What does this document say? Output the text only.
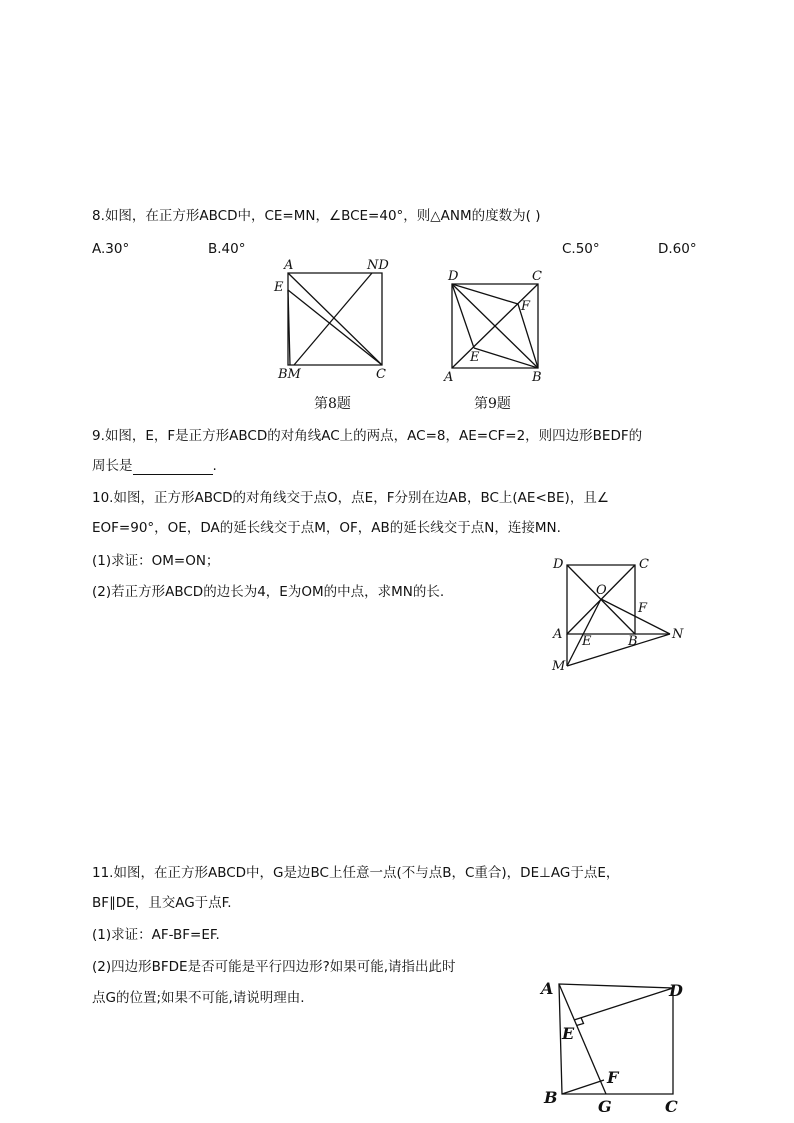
8.如图，在正方形ABCD中，CE=MN，∠BCE=40°，则△ANM的度数为( )
A.30°	B.40°	C.50°	D.60°
A	ND
E
BM	C
D	C
F
E
A	B
第8题	第9题
9.如图，E，F是正方形ABCD的对角线AC上的两点，AC=8，AE=CF=2，则四边形BEDF的
周长是	.
10.如图，正方形ABCD的对角线交于点O，点E，F分别在边AB，BC上(AE<BE)，且∠
EOF=90°，OE，DA的延长线交于点M，OF，AB的延长线交于点N，连接MN.
(1)求证：OM=ON；
(2)若正方形ABCD的边长为4，E为OM的中点，求MN的长.
D	C
O
F
A E	B	N
M
11.如图，在正方形ABCD中，G是边BC上任意一点(不与点B，C重合)，DE⊥AG于点E，
BF∥DE，且交AG于点F.
(1)求证：AF-BF=EF.
(2)四边形BFDE是否可能是平行四边形?如果可能,请指出此时
点G的位置;如果不可能,请说明理由.	A	D
E
F
B	G	C
